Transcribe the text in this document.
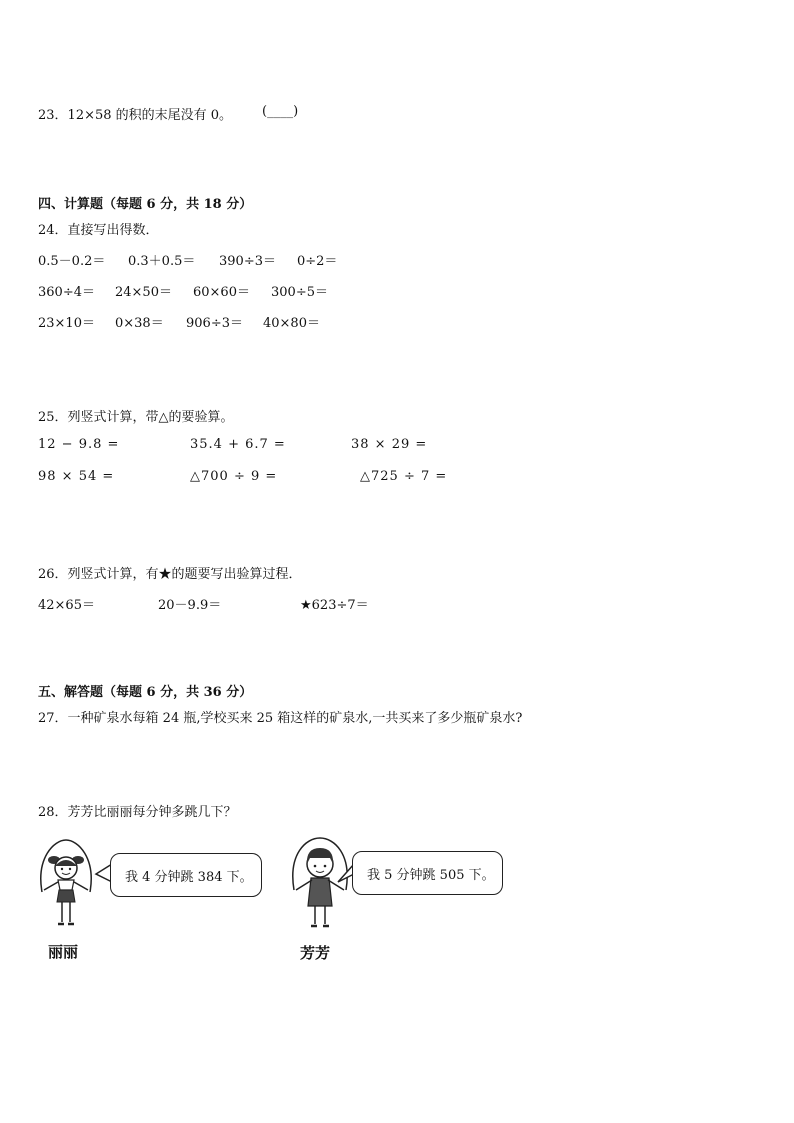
23．12×58 的积的末尾没有 0。 (____)
四、计算题（每题 6 分，共 18 分）
24．直接写出得数．
0.5－0.2＝ 0.3＋0.5＝ 390÷3＝ 0÷2＝
360÷4＝ 24×50＝ 60×60＝ 300÷5＝
23×10＝ 0×38＝ 906÷3＝ 40×80＝
25．列竖式计算，带△的要验算。
12 − 9.8 =	35.4 + 6.7 =	38 × 29 =
98 × 54 =	△700 ÷ 9 =	△725 ÷ 7 =
26．列竖式计算，有★的题要写出验算过程．
42×65＝	20－9.9＝	★623÷7＝
五、解答题（每题 6 分，共 36 分）
27．一种矿泉水每箱 24 瓶,学校买来 25 箱这样的矿泉水,一共买来了多少瓶矿泉水?
28．芳芳比丽丽每分钟多跳几下？
丽丽
我 4 分钟跳 384 下。
芳芳
我 5 分钟跳 505 下。
